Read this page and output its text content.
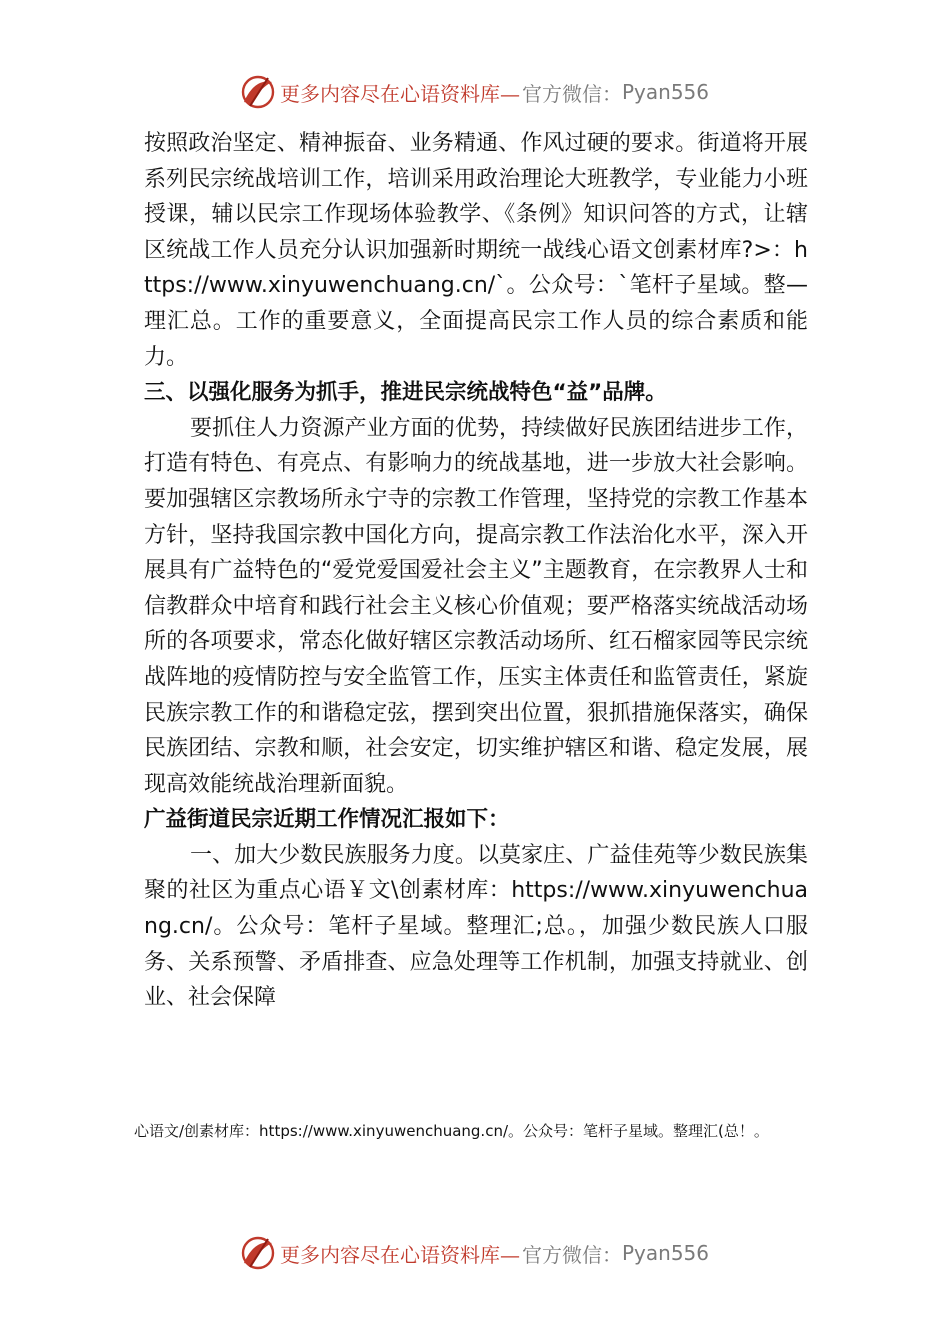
更多内容尽在心语资料库— 官方微信： Pyan556

按照政治坚定、精神振奋、业务精通、作风过硬的要求。街道将开展系列民宗统战培训工作，培训采用政治理论大班教学，专业能力小班授课，辅以民宗工作现场体验教学、《条例》知识问答的方式，让辖区统战工作人员充分认识加强新时期统一战线心语文创素材库?>：https://www.xinyuwenchuang.cn/`。公众号：`笔杆子星域。整—理汇总。工作的重要意义，全面提高民宗工作人员的综合素质和能力。

三、以强化服务为抓手，推进民宗统战特色“益”品牌。

要抓住人力资源产业方面的优势，持续做好民族团结进步工作，打造有特色、有亮点、有影响力的统战基地，进一步放大社会影响。要加强辖区宗教场所永宁寺的宗教工作管理，坚持党的宗教工作基本方针，坚持我国宗教中国化方向，提高宗教工作法治化水平，深入开展具有广益特色的“爱党爱国爱社会主义”主题教育，在宗教界人士和信教群众中培育和践行社会主义核心价值观；要严格落实统战活动场所的各项要求，常态化做好辖区宗教活动场所、红石榴家园等民宗统战阵地的疫情防控与安全监管工作，压实主体责任和监管责任，紧旋民族宗教工作的和谐稳定弦，摆到突出位置，狠抓措施保落实，确保民族团结、宗教和顺，社会安定，切实维护辖区和谐、稳定发展，展现高效能统战治理新面貌。

广益街道民宗近期工作情况汇报如下：

一、加大少数民族服务力度。以莫家庄、广益佳苑等少数民族集聚的社区为重点心语￥文\创素材库：https://www.xinyuwenchuang.cn/。公众号：笔杆子星域。整理汇;总。，加强少数民族人口服务、关系预警、矛盾排查、应急处理等工作机制，加强支持就业、创业、社会保障

心语文/创素材库：https://www.xinyuwenchuang.cn/。公众号：笔杆子星域。整理汇(总！。
更多内容尽在心语资料库— 官方微信： Pyan556
